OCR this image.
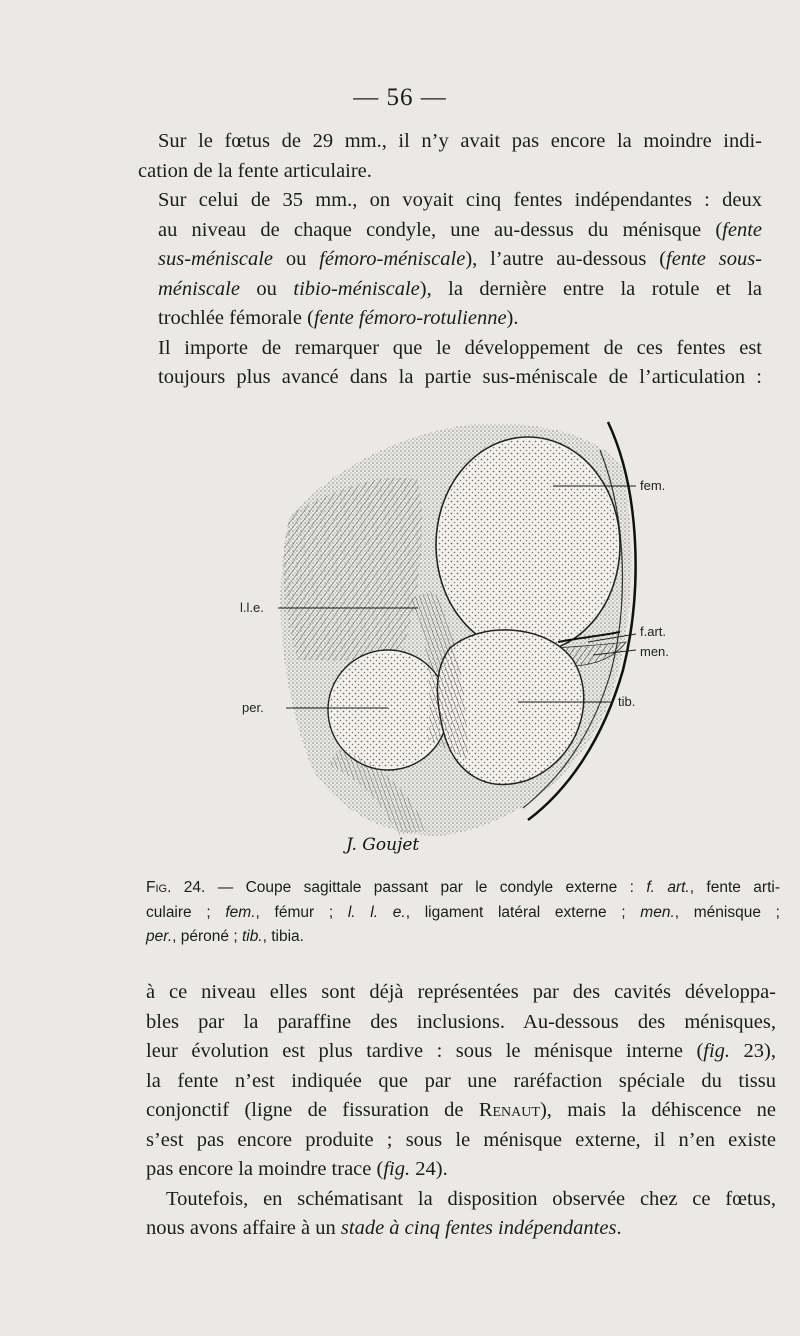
— 56 —

Sur le fœtus de 29 mm., il n’y avait pas encore la moindre indi-
cation de la fente articulaire.

Sur celui de 35 mm., on voyait cinq fentes indépendantes : deux
au niveau de chaque condyle, une au-dessus du ménisque (fente
sus-méniscale ou fémoro-méniscale), l’autre au-dessous (fente sous-
méniscale ou tibio-méniscale), la dernière entre la rotule et la
trochlée fémorale (fente fémoro-rotulienne).

Il importe de remarquer que le développement de ces fentes est
toujours plus avancé dans la partie sus-méniscale de l’articulation :

fem.
l.l.e.
f.art.
men.
per.	tib.
J. Goujet
Fig. 24. — Coupe sagittale passant par le condyle externe : f. art., fente arti-
culaire ; fem., fémur ; l. l. e., ligament latéral externe ; men., ménisque ;
per., péroné ; tib., tibia.

à ce niveau elles sont déjà représentées par des cavités développa-
bles par la paraffine des inclusions. Au-dessous des ménisques,
leur évolution est plus tardive : sous le ménisque interne (fig. 23),
la fente n’est indiquée que par une raréfaction spéciale du tissu
conjonctif (ligne de fissuration de Renaut), mais la déhiscence ne
s’est pas encore produite ; sous le ménisque externe, il n’en existe
pas encore la moindre trace (fig. 24).

Toutefois, en schématisant la disposition observée chez ce fœtus,
nous avons affaire à un stade à cinq fentes indépendantes.
